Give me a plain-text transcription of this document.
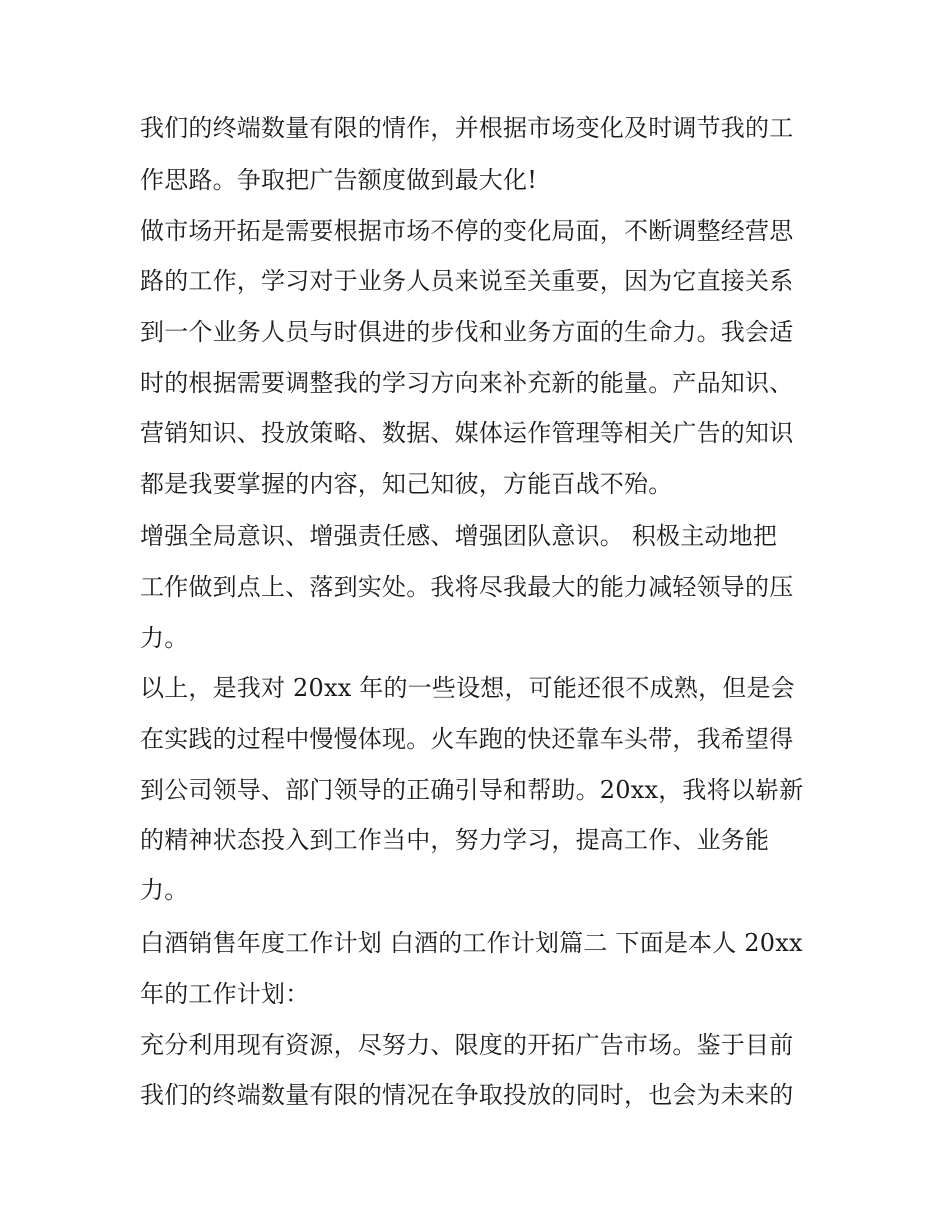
我们的终端数量有限的情作，并根据市场变化及时调节我的工
作思路。争取把广告额度做到最大化!
做市场开拓是需要根据市场不停的变化局面，不断调整经营思
路的工作，学习对于业务人员来说至关重要，因为它直接关系
到一个业务人员与时俱进的步伐和业务方面的生命力。我会适
时的根据需要调整我的学习方向来补充新的能量。产品知识、
营销知识、投放策略、数据、媒体运作管理等相关广告的知识
都是我要掌握的内容，知己知彼，方能百战不殆。
增强全局意识、增强责任感、增强团队意识。 积极主动地把
工作做到点上、落到实处。我将尽我最大的能力减轻领导的压
力。
以上，是我对 20xx 年的一些设想，可能还很不成熟，但是会
在实践的过程中慢慢体现。火车跑的快还靠车头带，我希望得
到公司领导、部门领导的正确引导和帮助。20xx，我将以崭新
的精神状态投入到工作当中，努力学习，提高工作、业务能
力。
白酒销售年度工作计划 白酒的工作计划篇二 下面是本人 20xx
年的工作计划：
充分利用现有资源，尽努力、限度的开拓广告市场。鉴于目前
我们的终端数量有限的情况在争取投放的同时，也会为未来的
